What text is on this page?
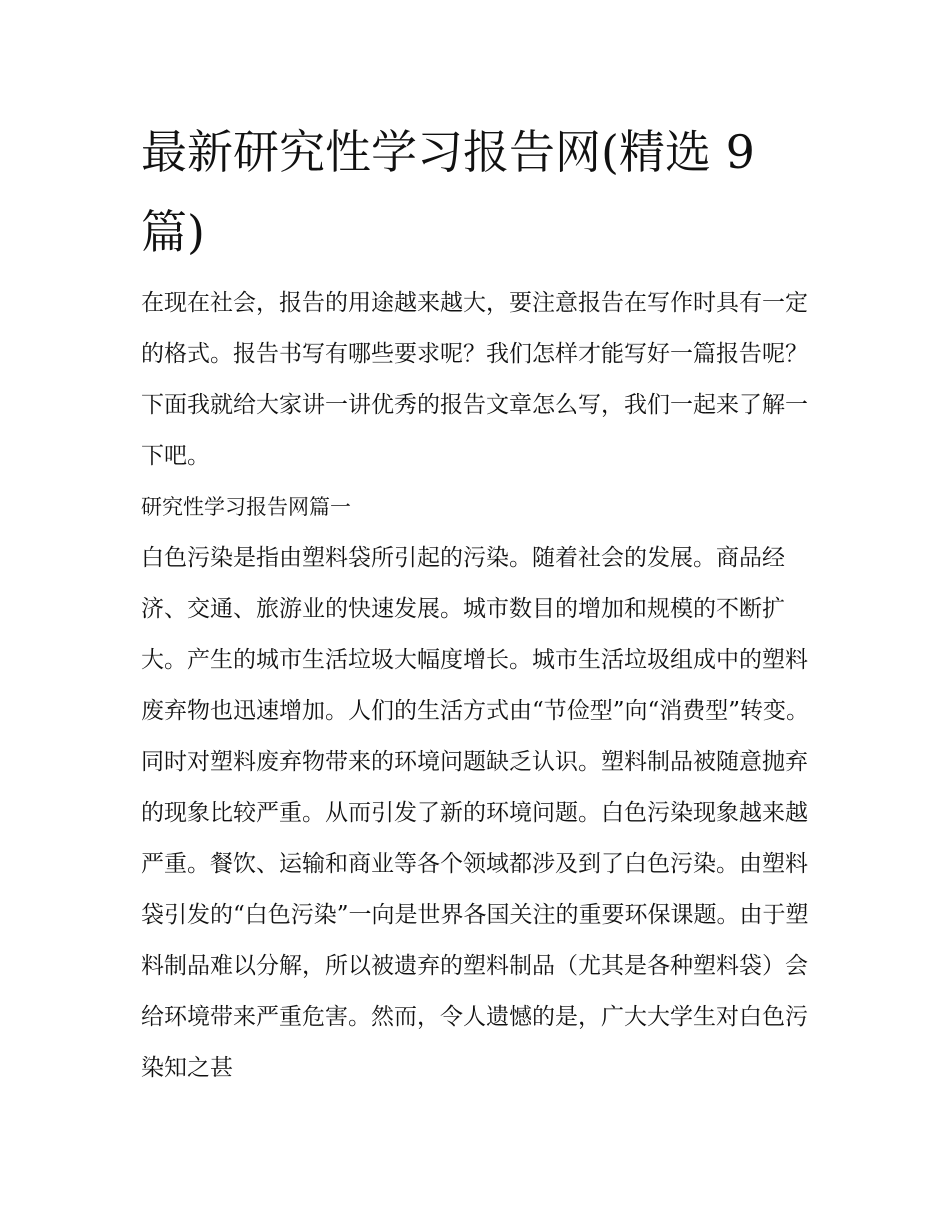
最新研究性学习报告网(精选 9 篇)

在现在社会，报告的用途越来越大，要注意报告在写作时具有一定的格式。报告书写有哪些要求呢？我们怎样才能写好一篇报告呢？下面我就给大家讲一讲优秀的报告文章怎么写，我们一起来了解一下吧。

研究性学习报告网篇一

白色污染是指由塑料袋所引起的污染。随着社会的发展。商品经济、交通、旅游业的快速发展。城市数目的增加和规模的不断扩大。产生的城市生活垃圾大幅度增长。城市生活垃圾组成中的塑料废弃物也迅速增加。人们的生活方式由“节俭型”向“消费型”转变。同时对塑料废弃物带来的环境问题缺乏认识。塑料制品被随意抛弃的现象比较严重。从而引发了新的环境问题。白色污染现象越来越严重。餐饮、运输和商业等各个领域都涉及到了白色污染。由塑料袋引发的“白色污染”一向是世界各国关注的重要环保课题。由于塑料制品难以分解，所以被遗弃的塑料制品（尤其是各种塑料袋）会给环境带来严重危害。然而，令人遗憾的是，广大大学生对白色污染知之甚
